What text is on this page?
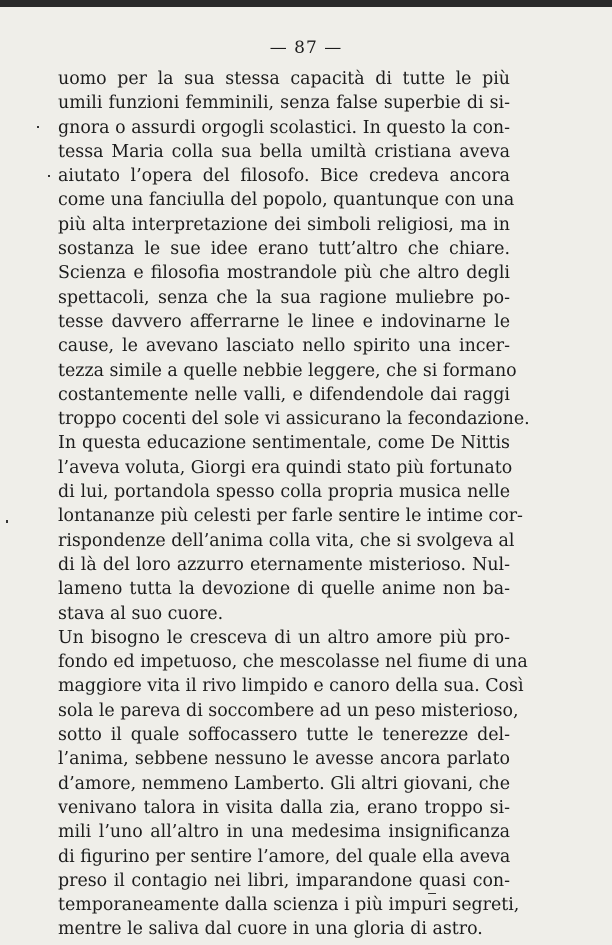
— 87 —
uomo per la sua stessa capacità di tutte le più
umili funzioni femminili, senza false superbie di si-
gnora o assurdi orgogli scolastici. In questo la con-
tessa Maria colla sua bella umiltà cristiana aveva
aiutato l’opera del filosofo. Bice credeva ancora
come una fanciulla del popolo, quantunque con una
più alta interpretazione dei simboli religiosi, ma in
sostanza le sue idee erano tutt’altro che chiare.
Scienza e filosofia mostrandole più che altro degli
spettacoli, senza che la sua ragione muliebre po-
tesse davvero afferrarne le linee e indovinarne le
cause, le avevano lasciato nello spirito una incer-
tezza simile a quelle nebbie leggere, che si formano
costantemente nelle valli, e difendendole dai raggi
troppo cocenti del sole vi assicurano la fecondazione.
In questa educazione sentimentale, come De Nittis
l’aveva voluta, Giorgi era quindi stato più fortunato
di lui, portandola spesso colla propria musica nelle
lontananze più celesti per farle sentire le intime cor-
rispondenze dell’anima colla vita, che si svolgeva al
di là del loro azzurro eternamente misterioso. Nul-
lameno tutta la devozione di quelle anime non ba-
stava al suo cuore.
Un bisogno le cresceva di un altro amore più pro-
fondo ed impetuoso, che mescolasse nel fiume di una
maggiore vita il rivo limpido e canoro della sua. Così
sola le pareva di soccombere ad un peso misterioso,
sotto il quale soffocassero tutte le tenerezze del-
l’anima, sebbene nessuno le avesse ancora parlato
d’amore, nemmeno Lamberto. Gli altri giovani, che
venivano talora in visita dalla zia, erano troppo si-
mili l’uno all’altro in una medesima insignificanza
di figurino per sentire l’amore, del quale ella aveva
preso il contagio nei libri, imparandone quasi con-
temporaneamente dalla scienza i più impuri segreti,
mentre le saliva dal cuore in una gloria di astro.
